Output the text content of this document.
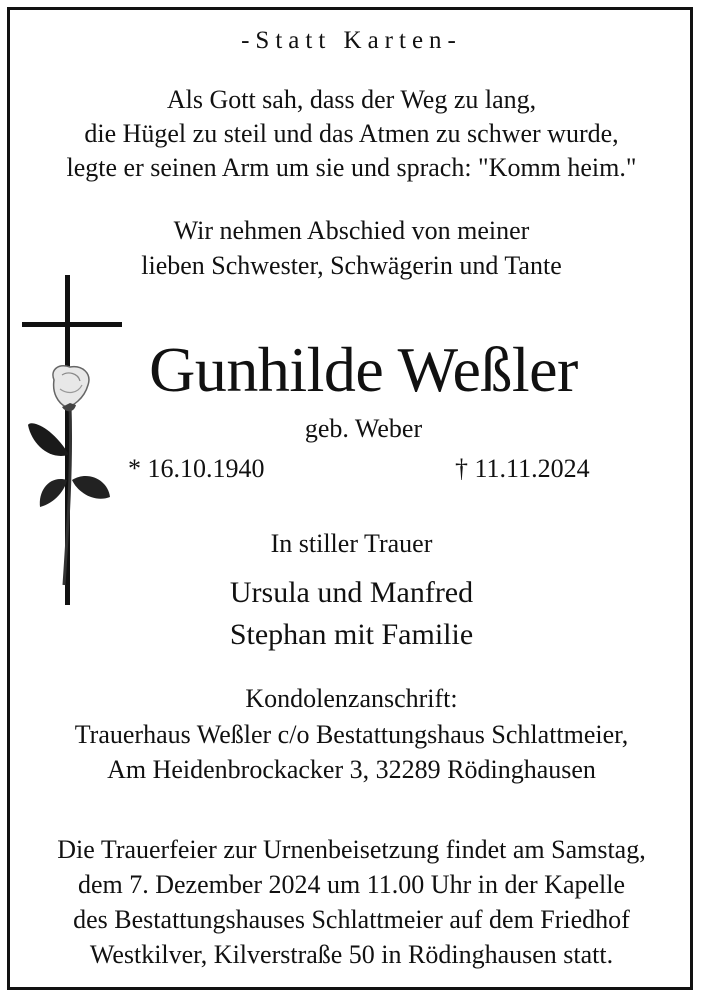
-Statt Karten-
Als Gott sah, dass der Weg zu lang,
die Hügel zu steil und das Atmen zu schwer wurde,
legte er seinen Arm um sie und sprach: "Komm heim."
Wir nehmen Abschied von meiner
lieben Schwester, Schwägerin und Tante
Gunhilde Weßler
geb. Weber
* 16.10.1940	† 11.11.2024
In stiller Trauer
Ursula und Manfred
Stephan mit Familie
Kondolenzanschrift:
Trauerhaus Weßler c/o Bestattungshaus Schlattmeier,
Am Heidenbrockacker 3, 32289 Rödinghausen
Die Trauerfeier zur Urnenbeisetzung findet am Samstag,
dem 7. Dezember 2024 um 11.00 Uhr in der Kapelle
des Bestattungshauses Schlattmeier auf dem Friedhof
Westkilver, Kilverstraße 50 in Rödinghausen statt.
